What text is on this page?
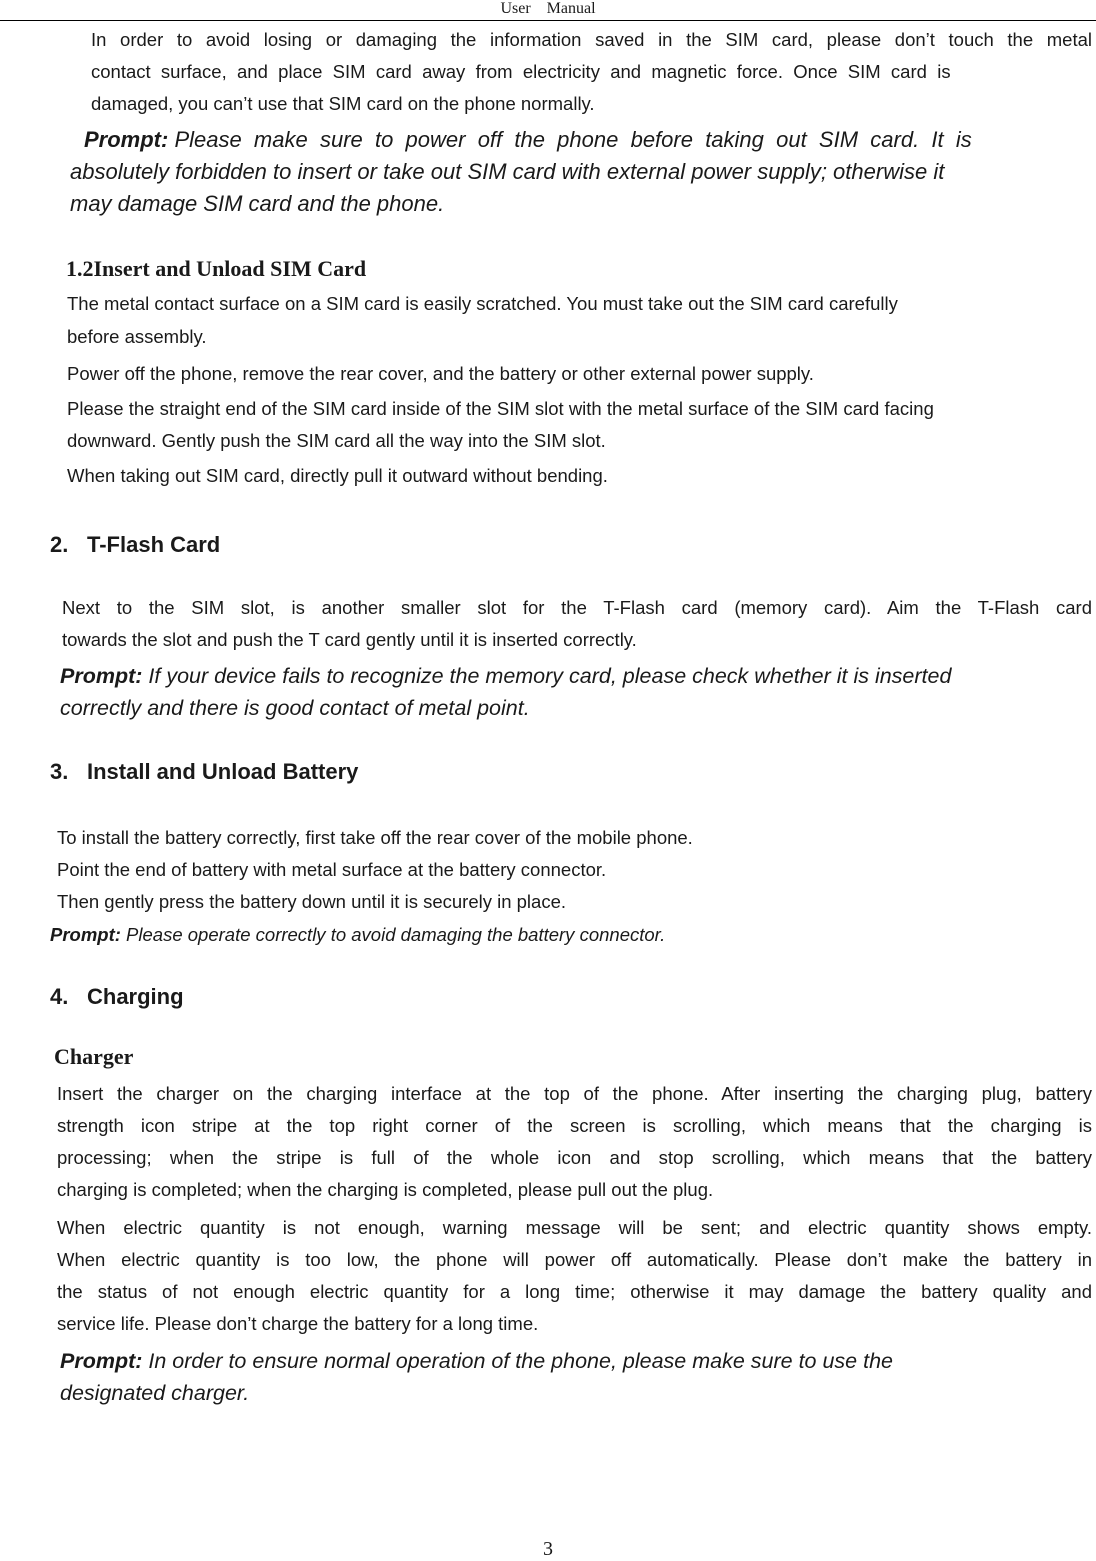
User    Manual
In order to avoid losing or damaging the information saved in the SIM card, please don’t touch the metal
contact  surface,  and  place  SIM  card  away  from  electricity  and  magnetic  force.  Once  SIM  card  is
damaged, you can’t use that SIM card on the phone normally.
Prompt: Please  make  sure  to  power  off  the  phone  before  taking  out  SIM  card.  It  is
absolutely forbidden to insert or take out SIM card with external power supply; otherwise it
may damage SIM card and the phone.
1.2Insert and Unload SIM Card
The metal contact surface on a SIM card is easily scratched. You must take out the SIM card carefully
before assembly.
Power off the phone, remove the rear cover, and the battery or other external power supply.
Please the straight end of the SIM card inside of the SIM slot with the metal surface of the SIM card facing
downward. Gently push the SIM card all the way into the SIM slot.
When taking out SIM card, directly pull it outward without bending.
2. T-Flash Card
Next to the SIM slot, is another smaller slot for the T-Flash card (memory card). Aim the T-Flash card
towards the slot and push the T card gently until it is inserted correctly.
Prompt: If your device fails to recognize the memory card, please check whether it is inserted
correctly and there is good contact of metal point.
3. Install and Unload Battery
To install the battery correctly, first take off the rear cover of the mobile phone.
Point the end of battery with metal surface at the battery connector.
Then gently press the battery down until it is securely in place.
Prompt: Please operate correctly to avoid damaging the battery connector.
4. Charging
Charger
Insert the charger on the charging interface at the top of the phone. After inserting the charging plug, battery
strength icon stripe at the top right corner of the screen is scrolling, which means that the charging is
processing; when the stripe is full of the whole icon and stop scrolling, which means that the battery
charging is completed; when the charging is completed, please pull out the plug.
When electric quantity is not enough, warning message will be sent; and electric quantity shows empty.
When electric quantity is too low, the phone will power off automatically. Please don’t make the battery in
the status of not enough electric quantity for a long time; otherwise it may damage the battery quality and
service life. Please don’t charge the battery for a long time.
Prompt: In order to ensure normal operation of the phone, please make sure to use the
designated charger.
3
